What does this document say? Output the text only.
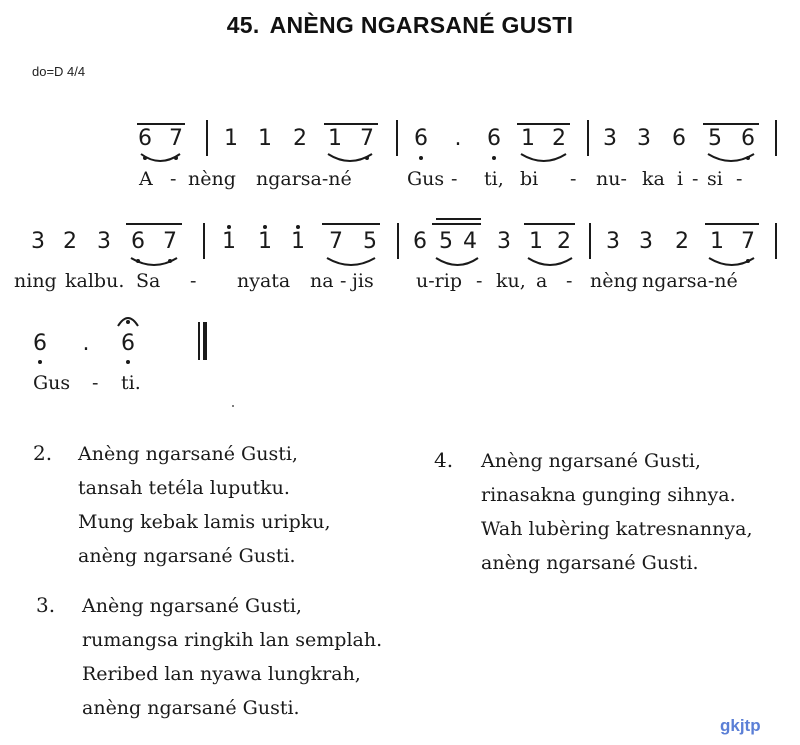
45. ANÈNG NGARSANÉ GUSTI
do=D 4/4
6 7 1 1 2 1 7 6 . 6 1 2 3 3 6 5 6
A - nèng ngarsa-né	Gus - ti, bi - nu- ka i - si -
3 2 3 6 7 1 1 1 7 5 6 5 4 3 1 2 3 3 2 1 7
ning kalbu. Sa - nyata na - jis u-rip - ku, a - nèng ngarsa-né
6 . 6
Gus - ti.
2. Anèng ngarsané Gusti,
tansah tetéla luputku.
Mung kebak lamis uripku,
anèng ngarsané Gusti.
3. Anèng ngarsané Gusti,
rumangsa ringkih lan semplah.
Reribed lan nyawa lungkrah,
anèng ngarsané Gusti.
4. Anèng ngarsané Gusti,
rinasakna gunging sihnya.
Wah lubèring katresnannya,
anèng ngarsané Gusti.
gkjtp
